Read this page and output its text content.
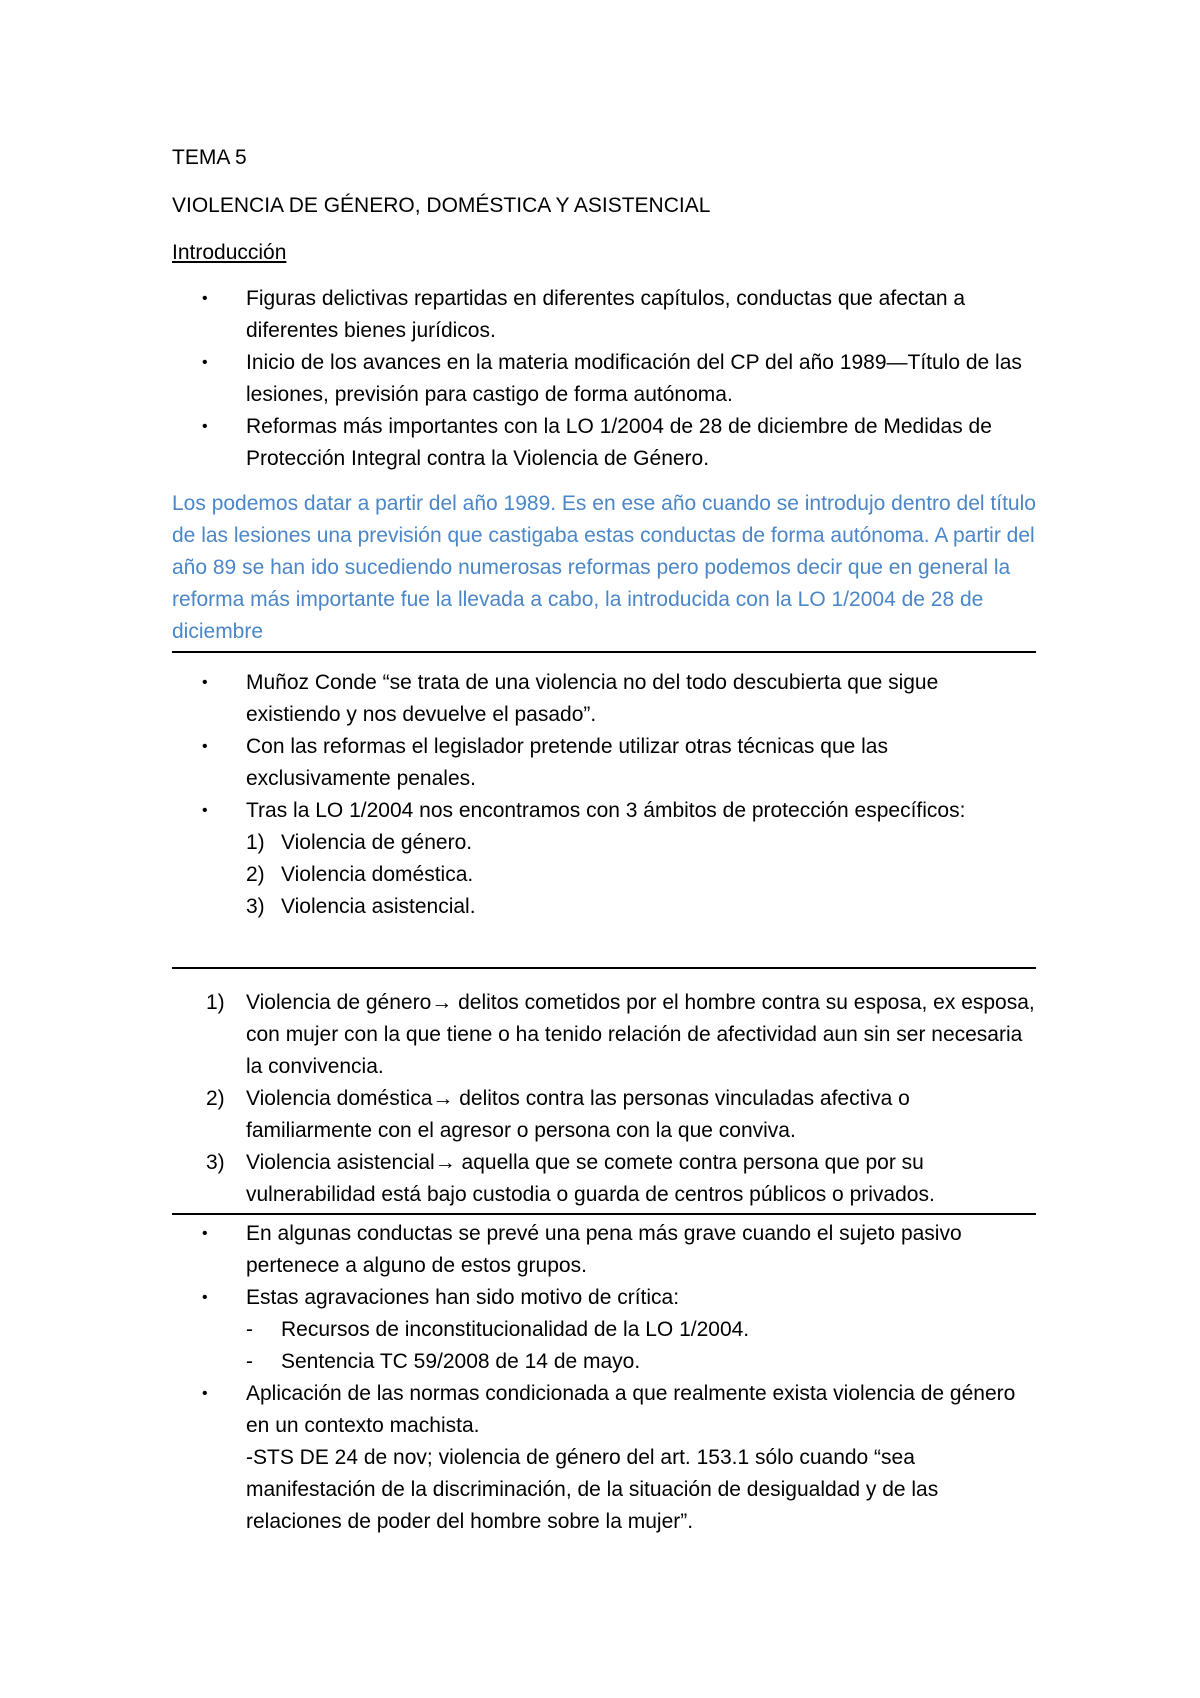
TEMA 5

VIOLENCIA DE GÉNERO, DOMÉSTICA Y ASISTENCIAL

Introducción

• Figuras delictivas repartidas en diferentes capítulos, conductas que afectan a diferentes bienes jurídicos.
• Inicio de los avances en la materia modificación del CP del año 1989—Título de las lesiones, previsión para castigo de forma autónoma.
• Reformas más importantes con la LO 1/2004 de 28 de diciembre de Medidas de Protección Integral contra la Violencia de Género.

Los podemos datar a partir del año 1989. Es en ese año cuando se introdujo dentro del título de las lesiones una previsión que castigaba estas conductas de forma autónoma. A partir del año 89 se han ido sucediendo numerosas reformas pero podemos decir que en general la reforma más importante fue la llevada a cabo, la introducida con la LO 1/2004 de 28 de diciembre

• Muñoz Conde “se trata de una violencia no del todo descubierta que sigue existiendo y nos devuelve el pasado”.
• Con las reformas el legislador pretende utilizar otras técnicas que las exclusivamente penales.
• Tras la LO 1/2004 nos encontramos con 3 ámbitos de protección específicos:
1) Violencia de género.
2) Violencia doméstica.
3) Violencia asistencial.
1) Violencia de género→ delitos cometidos por el hombre contra su esposa, ex esposa, con mujer con la que tiene o ha tenido relación de afectividad aun sin ser necesaria la convivencia.
2) Violencia doméstica→ delitos contra las personas vinculadas afectiva o familiarmente con el agresor o persona con la que conviva.
3) Violencia asistencial→ aquella que se comete contra persona que por su vulnerabilidad está bajo custodia o guarda de centros públicos o privados.
• En algunas conductas se prevé una pena más grave cuando el sujeto pasivo pertenece a alguno de estos grupos.
• Estas agravaciones han sido motivo de crítica:
- Recursos de inconstitucionalidad de la LO 1/2004.
- Sentencia TC 59/2008 de 14 de mayo.
• Aplicación de las normas condicionada a que realmente exista violencia de género en un contexto machista.
-STS DE 24 de nov; violencia de género del art. 153.1 sólo cuando “sea manifestación de la discriminación, de la situación de desigualdad y de las relaciones de poder del hombre sobre la mujer”.
